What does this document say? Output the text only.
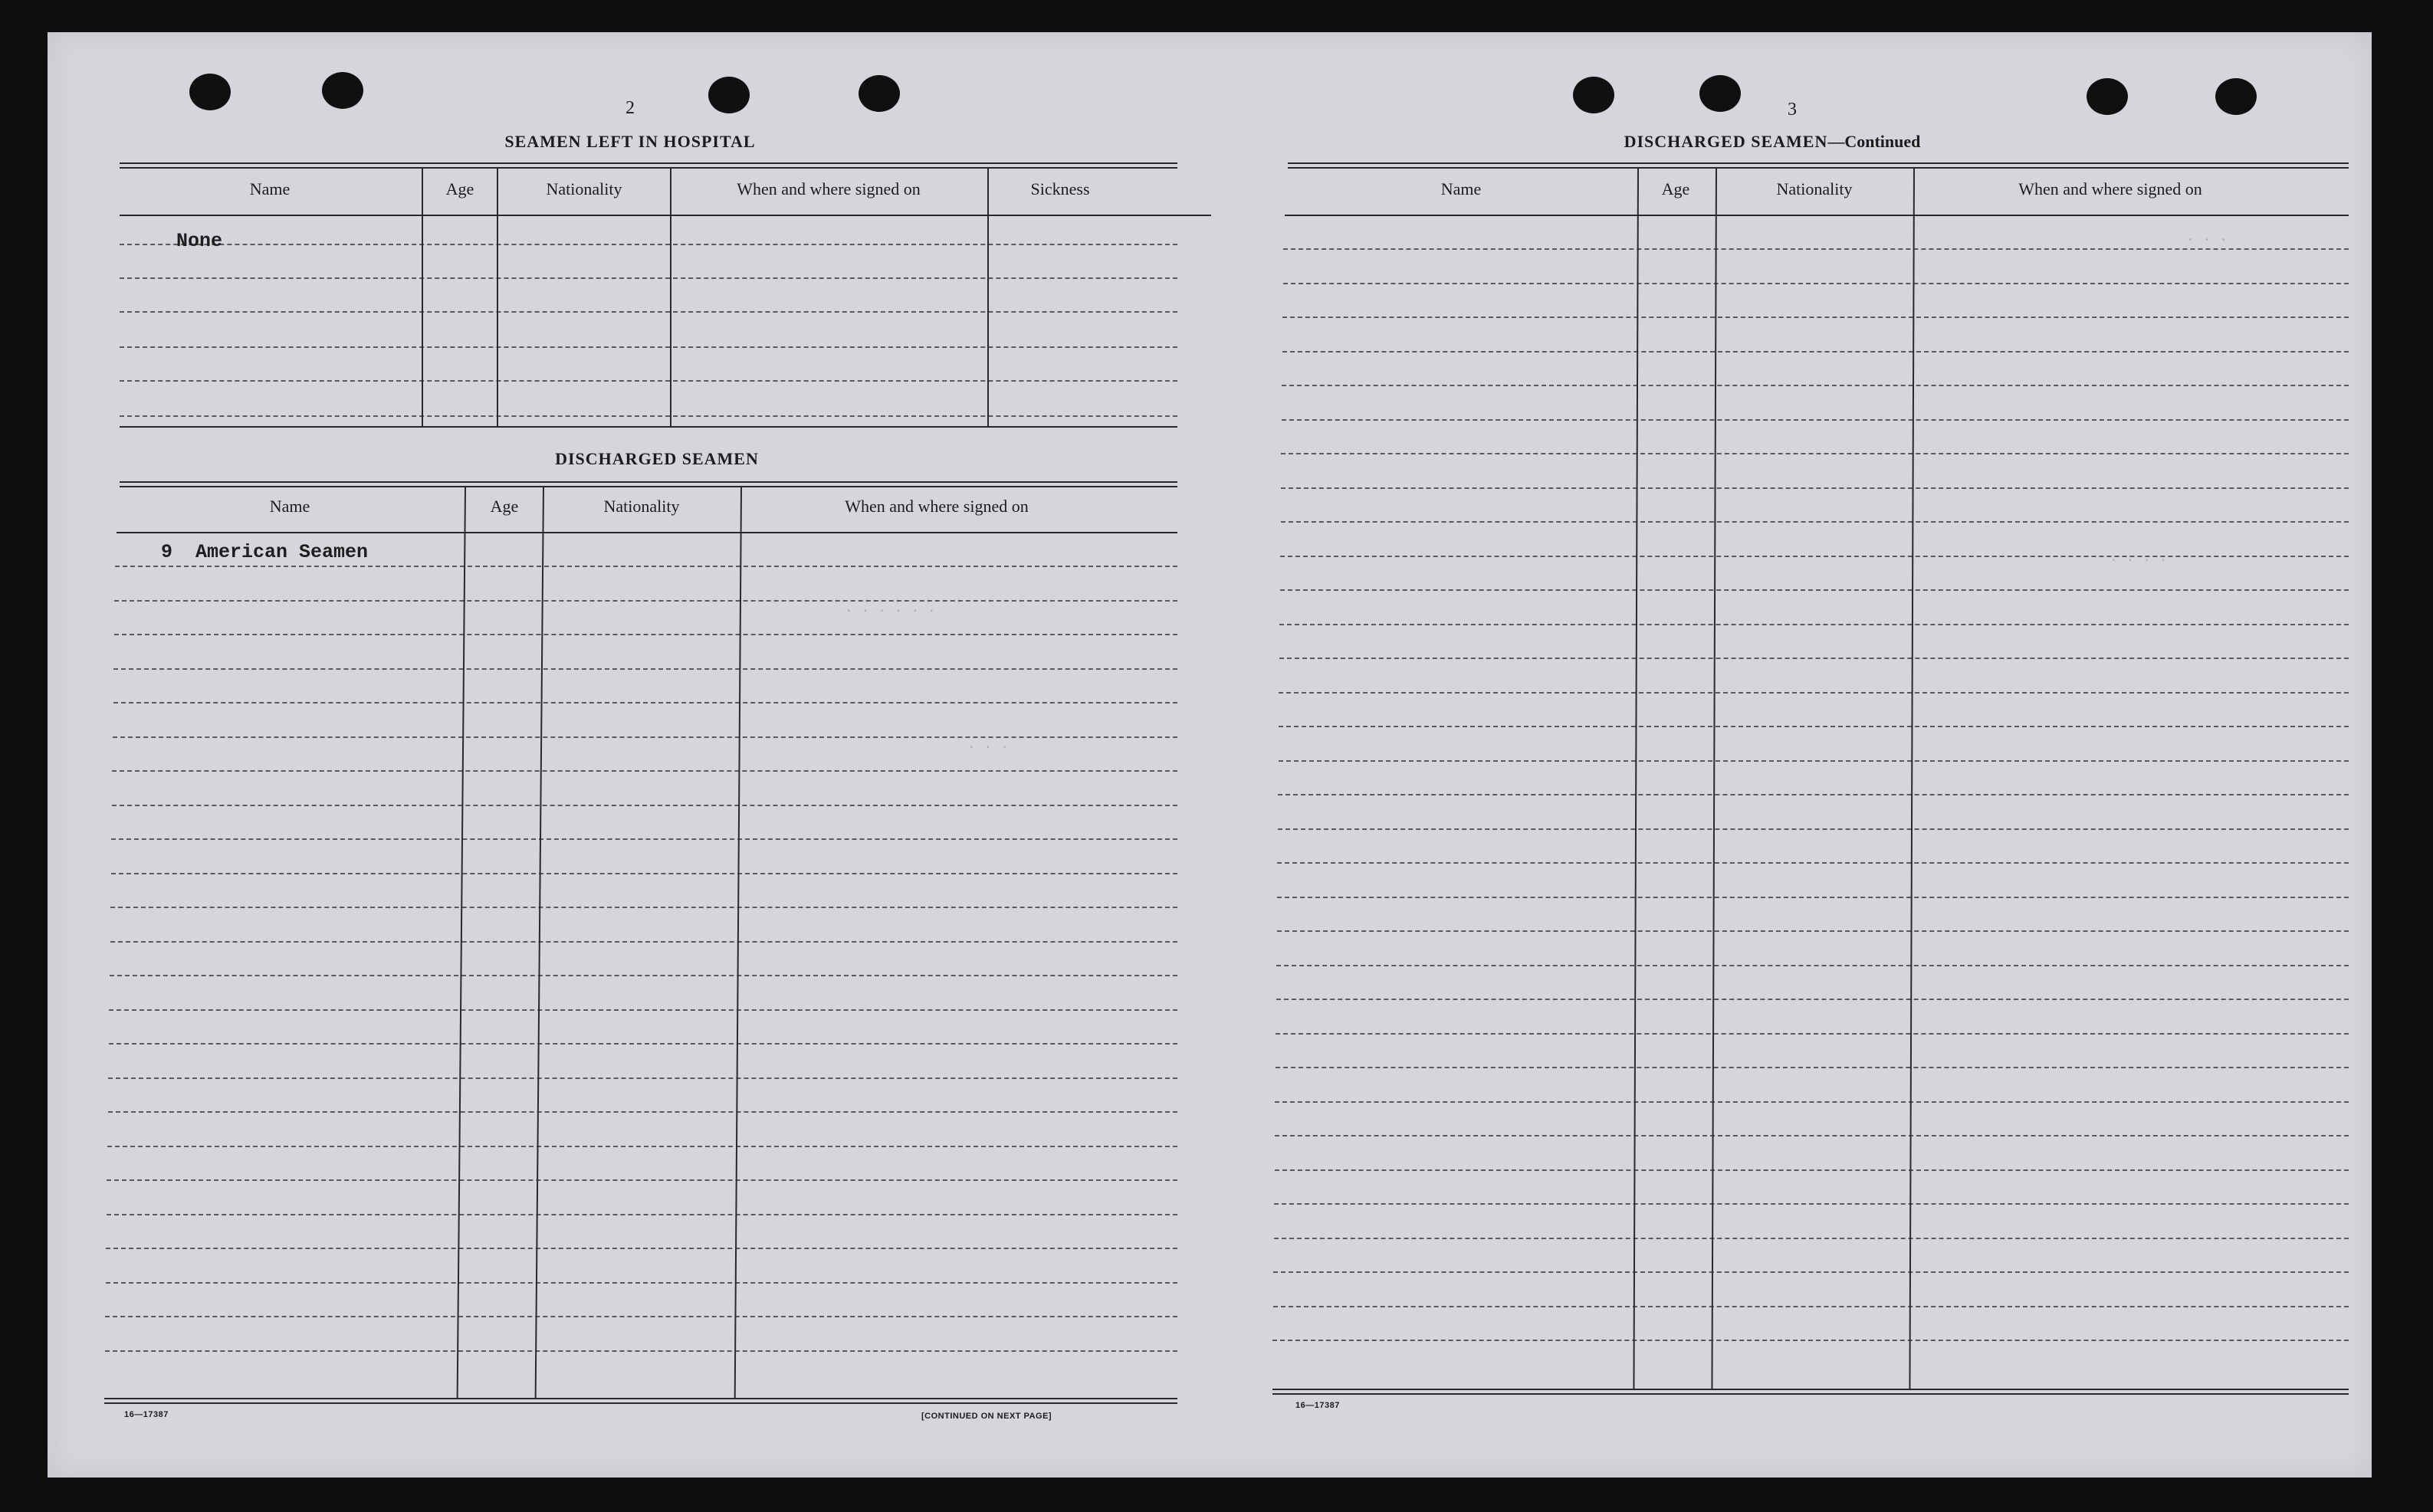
2
SEAMEN LEFT IN HOSPITAL
Name	Age	Nationality	When and where signed on	Sickness
None
DISCHARGED SEAMEN
Name	Age	Nationality	When and where signed on
9  American Seamen
16—17387	[CONTINUED ON NEXT PAGE]
3
DISCHARGED SEAMEN—Continued
Name	Age	Nationality	When and where signed on
16—17387
· · ·
· · · ·
· · · · · ·
· · ·
